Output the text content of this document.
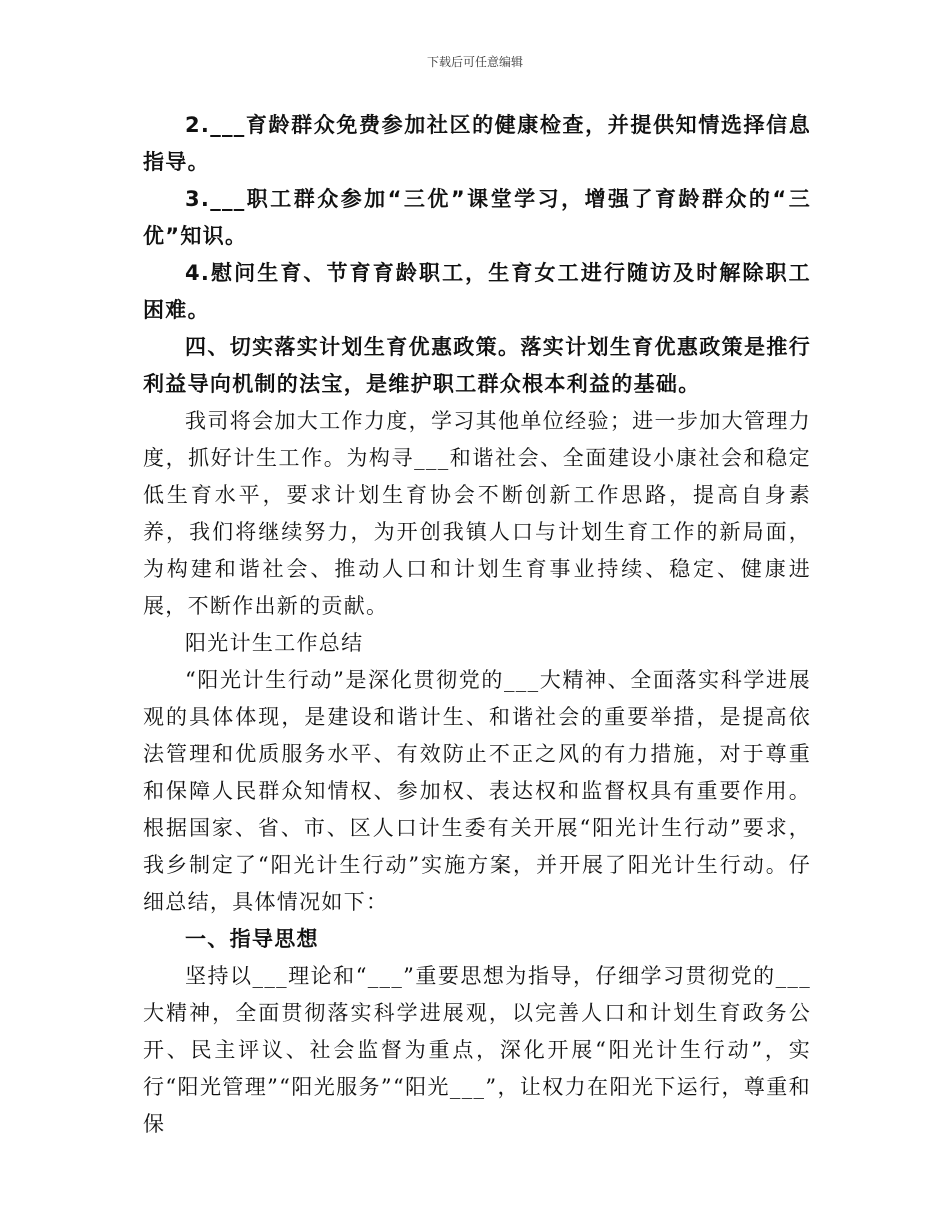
下载后可任意编辑

2.___育龄群众免费参加社区的健康检查，并提供知情选择信息指导。

3.___职工群众参加“三优”课堂学习，增强了育龄群众的“三优”知识。

4.慰问生育、节育育龄职工，生育女工进行随访及时解除职工困难。

四、切实落实计划生育优惠政策。落实计划生育优惠政策是推行利益导向机制的法宝，是维护职工群众根本利益的基础。

我司将会加大工作力度，学习其他单位经验；进一步加大管理力度，抓好计生工作。为构寻___和谐社会、全面建设小康社会和稳定低生育水平，要求计划生育协会不断创新工作思路，提高自身素养，我们将继续努力，为开创我镇人口与计划生育工作的新局面，为构建和谐社会、推动人口和计划生育事业持续、稳定、健康进展，不断作出新的贡献。

阳光计生工作总结

“阳光计生行动”是深化贯彻党的___大精神、全面落实科学进展观的具体体现，是建设和谐计生、和谐社会的重要举措，是提高依法管理和优质服务水平、有效防止不正之风的有力措施，对于尊重和保障人民群众知情权、参加权、表达权和监督权具有重要作用。根据国家、省、市、区人口计生委有关开展“阳光计生行动”要求，我乡制定了“阳光计生行动”实施方案，并开展了阳光计生行动。仔细总结，具体情况如下：

一、指导思想

坚持以___理论和“___”重要思想为指导，仔细学习贯彻党的___大精神，全面贯彻落实科学进展观，以完善人口和计划生育政务公开、民主评议、社会监督为重点，深化开展“阳光计生行动”，实行“阳光管理”“阳光服务”“阳光___”，让权力在阳光下运行，尊重和保
